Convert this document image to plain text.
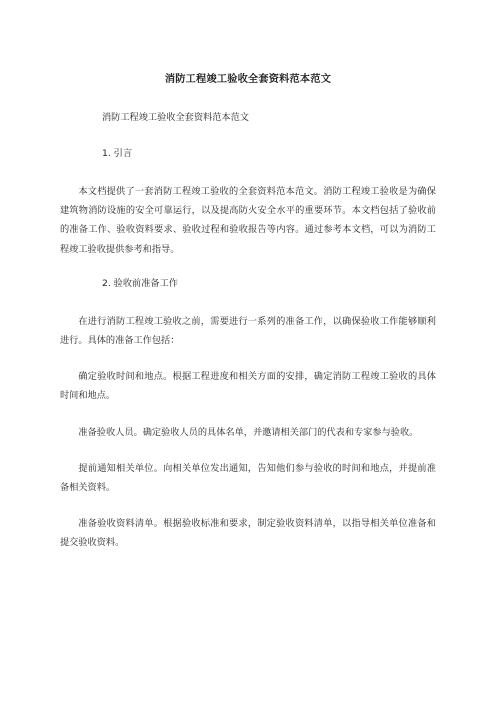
消防工程竣工验收全套资料范本范文
消防工程竣工验收全套资料范本范文
1. 引言

本文档提供了一套消防工程竣工验收的全套资料范本范文。消防工程竣工验收是为确保建筑物消防设施的安全可靠运行，以及提高防火安全水平的重要环节。本文档包括了验收前的准备工作、验收资料要求、验收过程和验收报告等内容。通过参考本文档，可以为消防工程竣工验收提供参考和指导。

2. 验收前准备工作

在进行消防工程竣工验收之前，需要进行一系列的准备工作，以确保验收工作能够顺利进行。具体的准备工作包括：

确定验收时间和地点。根据工程进度和相关方面的安排，确定消防工程竣工验收的具体时间和地点。

准备验收人员。确定验收人员的具体名单，并邀请相关部门的代表和专家参与验收。

提前通知相关单位。向相关单位发出通知，告知他们参与验收的时间和地点，并提前准备相关资料。

准备验收资料清单。根据验收标准和要求，制定验收资料清单，以指导相关单位准备和提交验收资料。
